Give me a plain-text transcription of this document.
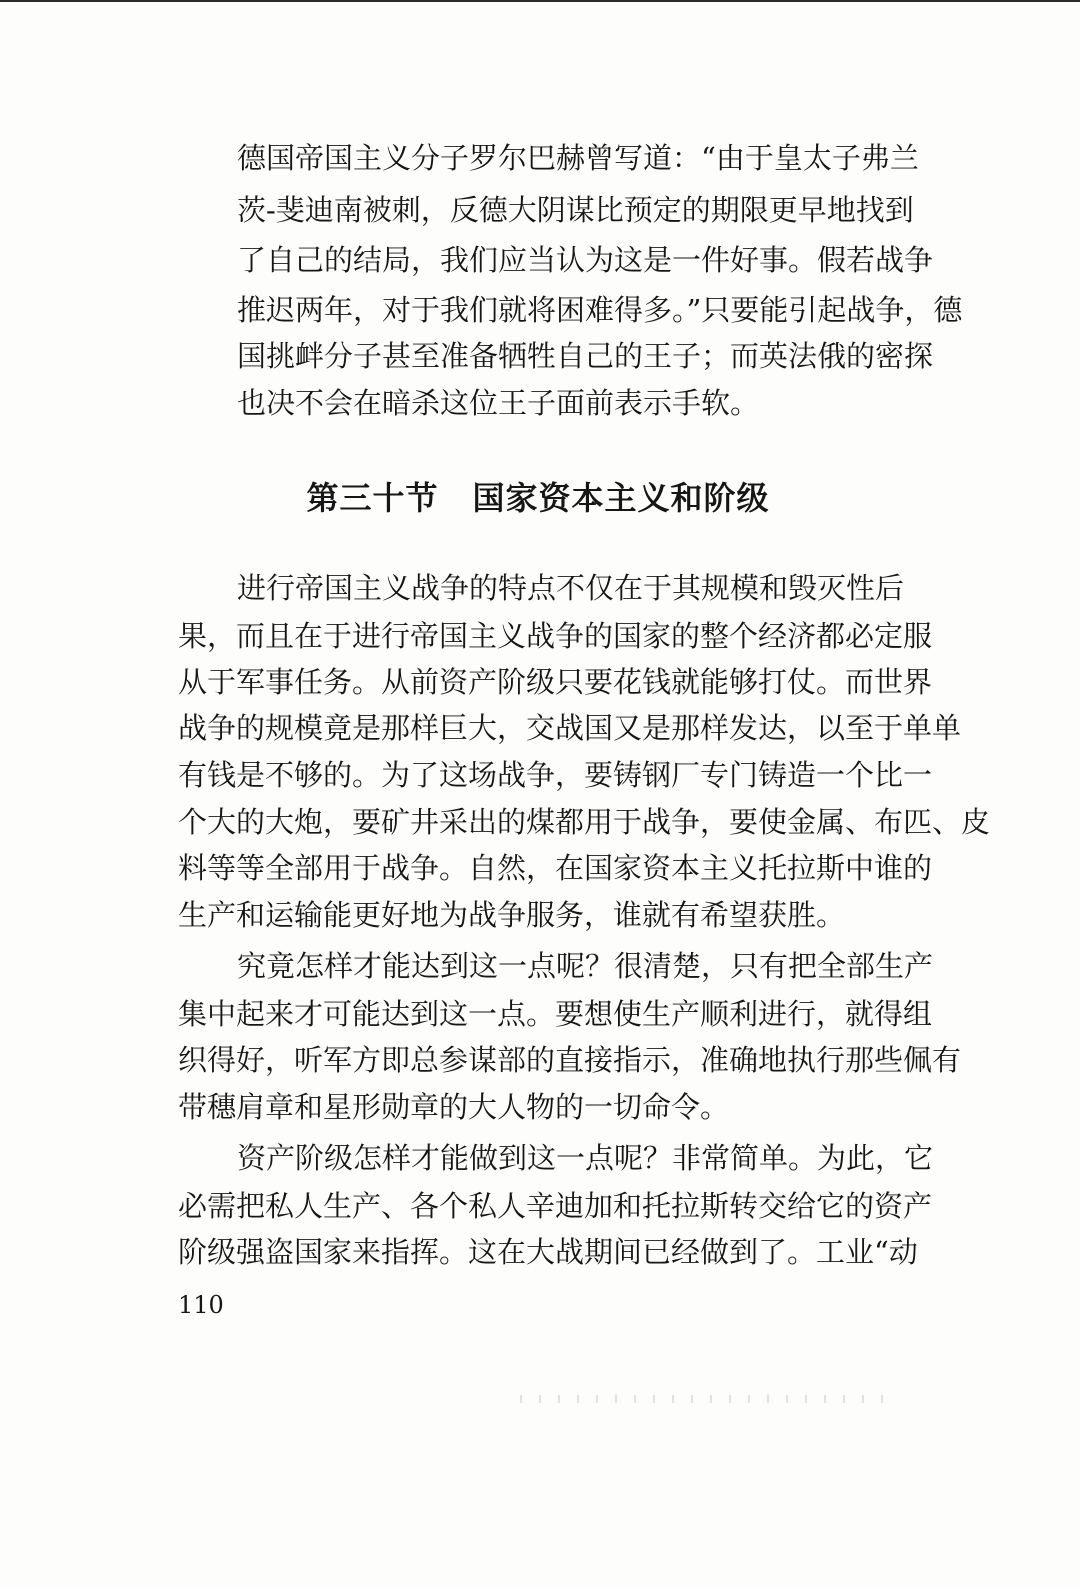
德国帝国主义分子罗尔巴赫曾写道：“由于皇太子弗兰
茨-斐迪南被刺，反德大阴谋比预定的期限更早地找到
了自己的结局，我们应当认为这是一件好事。假若战争
推迟两年，对于我们就将困难得多。”只要能引起战争，德
国挑衅分子甚至准备牺牲自己的王子；而英法俄的密探
也决不会在暗杀这位王子面前表示手软。
第三十节 国家资本主义和阶级
进行帝国主义战争的特点不仅在于其规模和毁灭性后
果，而且在于进行帝国主义战争的国家的整个经济都必定服
从于军事任务。从前资产阶级只要花钱就能够打仗。而世界
战争的规模竟是那样巨大，交战国又是那样发达，以至于单单
有钱是不够的。为了这场战争，要铸钢厂专门铸造一个比一
个大的大炮，要矿井采出的煤都用于战争，要使金属、布匹、皮
料等等全部用于战争。自然，在国家资本主义托拉斯中谁的
生产和运输能更好地为战争服务，谁就有希望获胜。
究竟怎样才能达到这一点呢？很清楚，只有把全部生产
集中起来才可能达到这一点。要想使生产顺利进行，就得组
织得好，听军方即总参谋部的直接指示，准确地执行那些佩有
带穗肩章和星形勋章的大人物的一切命令。
资产阶级怎样才能做到这一点呢？非常简单。为此，它
必需把私人生产、各个私人辛迪加和托拉斯转交给它的资产
阶级强盗国家来指挥。这在大战期间已经做到了。工业“动
110
